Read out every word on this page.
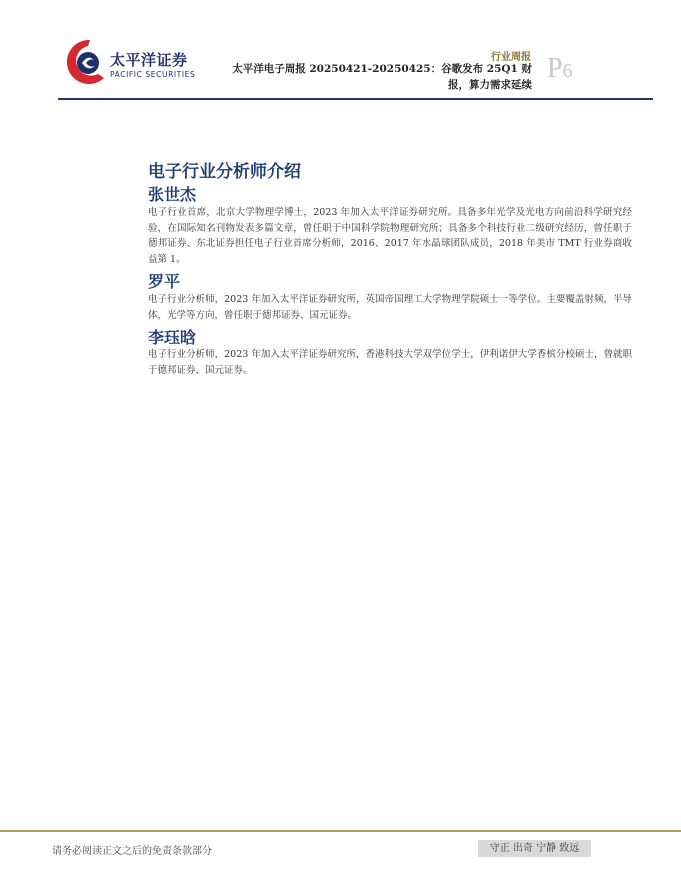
太平洋证券
PACIFIC SECURITIES
行业周报
太平洋电子周报 20250421-20250425：谷歌发布 25Q1 财报，算力需求延续
P6
电子行业分析师介绍
张世杰
电子行业首席，北京大学物理学博士，2023 年加入太平洋证券研究所。具备多年光学及光电方向前沿科学研究经验，在国际知名刊物发表多篇文章，曾任职于中国科学院物理研究所；具备多个科技行业二级研究经历，曾任职于德邦证券、东北证券担任电子行业首席分析师，2016、2017 年水晶球团队成员，2018 年美市 TMT 行业券商收益第 1。
罗平
电子行业分析师，2023 年加入太平洋证券研究所，英国帝国理工大学物理学院硕士一等学位。主要覆盖射频，半导体，光学等方向，曾任职于德邦证券、国元证券。
李珏晗
电子行业分析师，2023 年加入太平洋证券研究所，香港科技大学双学位学士，伊利诺伊大学香槟分校硕士，曾就职于德邦证券、国元证券。
请务必阅读正文之后的免责条款部分	守正 出奇 宁静 致远
